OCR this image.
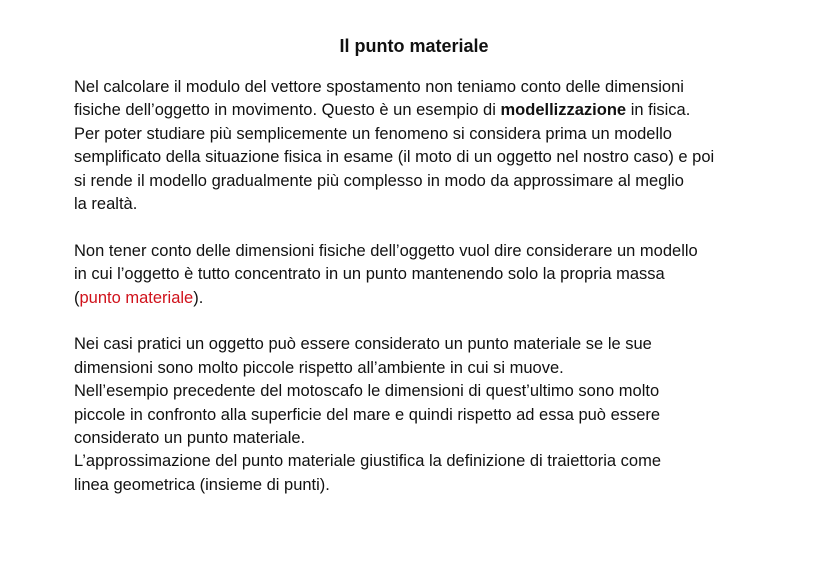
Il punto materiale
Nel calcolare il modulo del vettore spostamento non teniamo conto delle dimensioni
fisiche dell’oggetto in movimento. Questo è un esempio di modellizzazione in fisica.
Per poter studiare più semplicemente un fenomeno si considera prima un modello
semplificato della situazione fisica in esame (il moto di un oggetto nel nostro caso) e poi
si rende il modello gradualmente più complesso in modo da approssimare al meglio
la realtà.
Non tener conto delle dimensioni fisiche dell’oggetto vuol dire considerare un modello
in cui l’oggetto è tutto concentrato in un punto mantenendo solo la propria massa
(punto materiale).
Nei casi pratici un oggetto può essere considerato un punto materiale se le sue
dimensioni sono molto piccole rispetto all’ambiente in cui si muove.
Nell’esempio precedente del motoscafo le dimensioni di quest’ultimo sono molto
piccole in confronto alla superficie del mare e quindi rispetto ad essa può essere
considerato un punto materiale.
L’approssimazione del punto materiale giustifica la definizione di traiettoria come
linea geometrica (insieme di punti).
